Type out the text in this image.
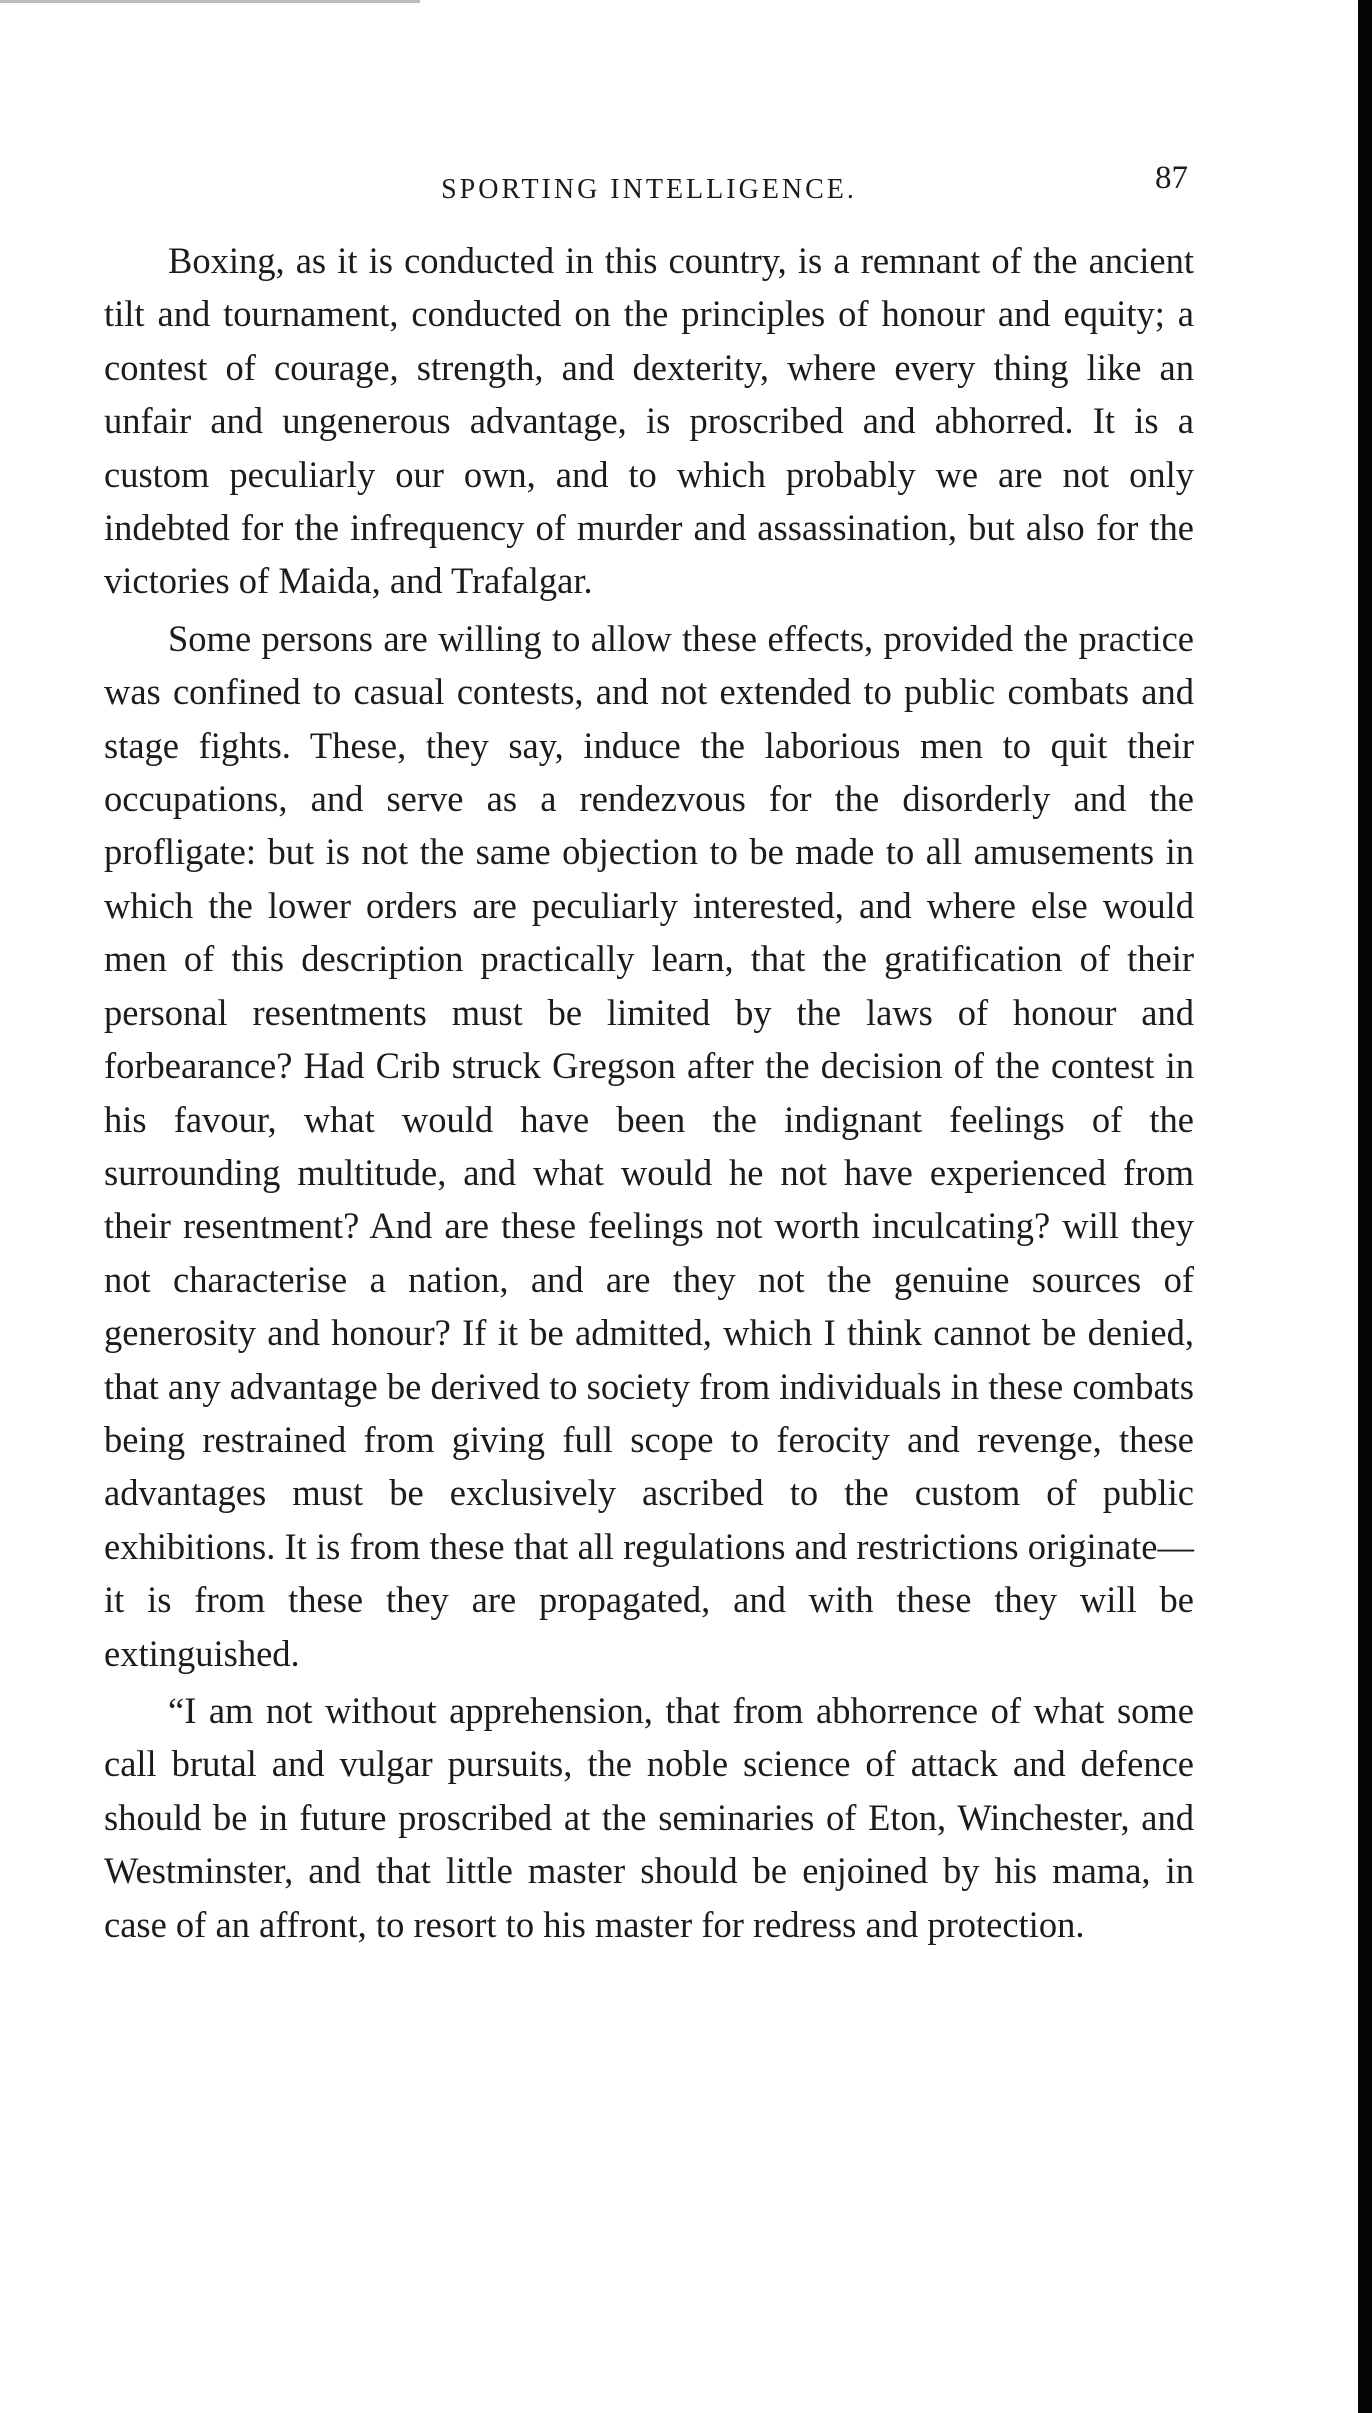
SPORTING INTELLIGENCE.	87

Boxing, as it is conducted in this country, is a remnant of the ancient tilt and tournament, conducted on the principles of honour and equity; a contest of courage, strength, and dexterity, where every thing like an unfair and ungenerous advantage, is proscribed and abhorred. It is a custom peculiarly our own, and to which probably we are not only indebted for the infrequency of murder and assassination, but also for the victories of Maida, and Trafalgar.

Some persons are willing to allow these effects, provided the practice was confined to casual contests, and not extended to public combats and stage fights. These, they say, induce the laborious men to quit their occupations, and serve as a rendezvous for the disorderly and the profligate: but is not the same objection to be made to all amusements in which the lower orders are peculiarly interested, and where else would men of this description practically learn, that the gratification of their personal resentments must be limited by the laws of honour and forbearance? Had Crib struck Gregson after the decision of the contest in his favour, what would have been the indignant feelings of the surrounding multitude, and what would he not have experienced from their resentment? And are these feelings not worth inculcating? will they not characterise a nation, and are they not the genuine sources of generosity and honour? If it be admitted, which I think cannot be denied, that any advantage be derived to society from individuals in these combats being restrained from giving full scope to ferocity and revenge, these advantages must be exclusively ascribed to the custom of public exhibitions. It is from these that all regulations and restrictions originate—it is from these they are propagated, and with these they will be extinguished.

“I am not without apprehension, that from abhorrence of what some call brutal and vulgar pursuits, the noble science of attack and defence should be in future proscribed at the seminaries of Eton, Winchester, and Westminster, and that little master should be enjoined by his mama, in case of an affront, to resort to his master for redress and protection.
